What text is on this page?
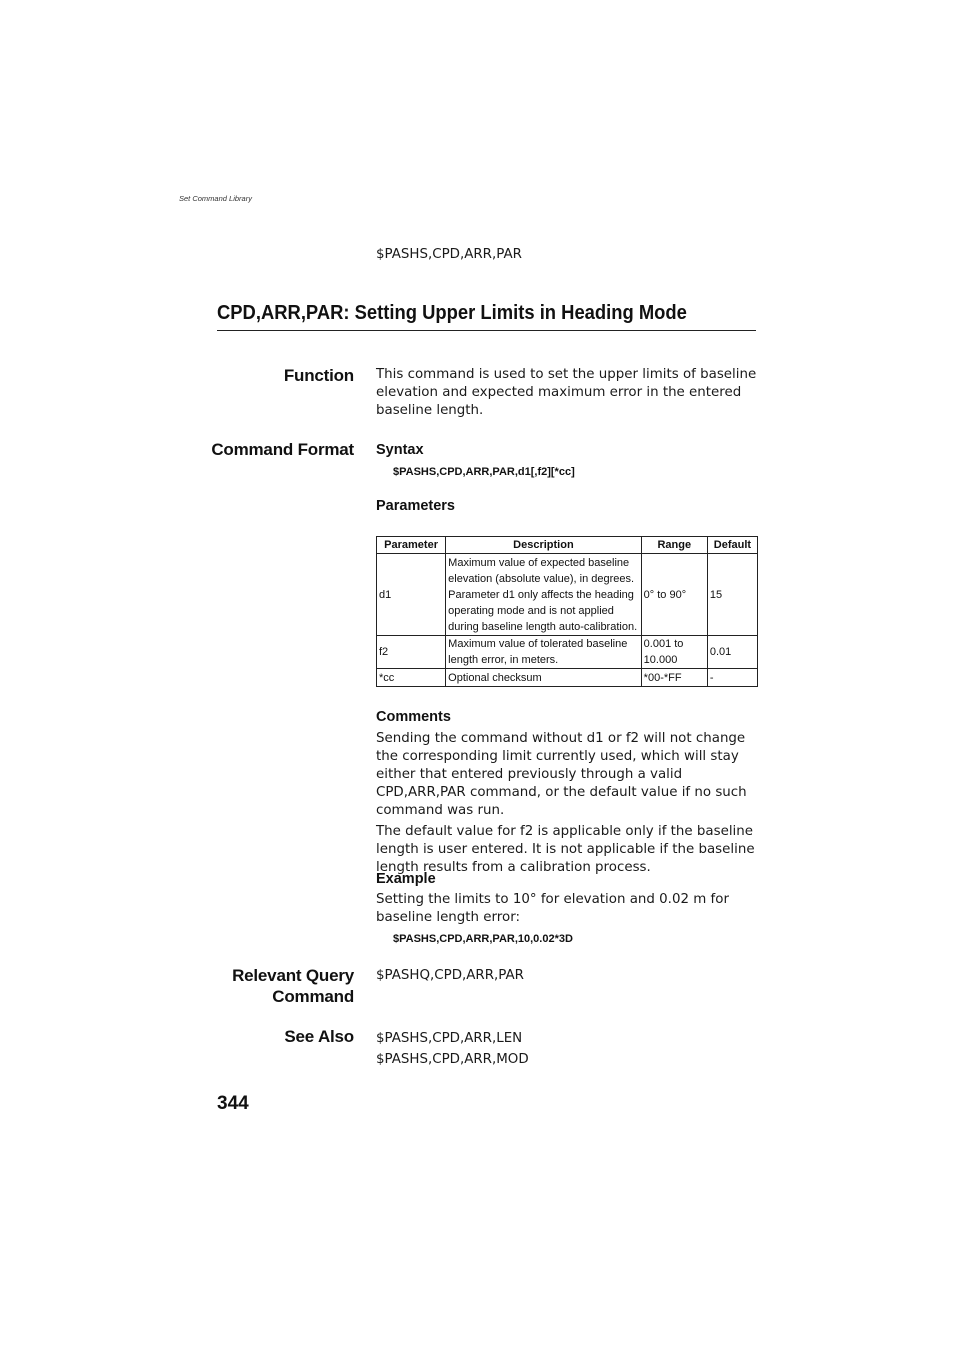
Set Command Library
$PASHS,CPD,ARR,PAR
CPD,ARR,PAR: Setting Upper Limits in Heading Mode
Function This command is used to set the upper limits of baseline elevation and expected maximum error in the entered baseline length.
Command Format Syntax
$PASHS,CPD,ARR,PAR,d1[,f2][*cc]
Parameters
Parameter	Description	Range	Default
d1	Maximum value of expected baseline elevation (absolute value), in degrees. Parameter d1 only affects the heading operating mode and is not applied during baseline length auto-calibration.	0° to 90°	15
f2	Maximum value of tolerated baseline length error, in meters.	0.001 to 10.000	0.01
*cc	Optional checksum	*00-*FF	-
Comments

Sending the command without d1 or f2 will not change the corresponding limit currently used, which will stay either that entered previously through a valid CPD,ARR,PAR command, or the default value if no such command was run.

The default value for f2 is applicable only if the baseline length is user entered. It is not applicable if the baseline length results from a calibration process.

Example
Setting the limits to 10° for elevation and 0.02 m for baseline length error:
$PASHS,CPD,ARR,PAR,10,0.02*3D
Relevant Query
Command
$PASHQ,CPD,ARR,PAR
See Also $PASHS,CPD,ARR,LEN
$PASHS,CPD,ARR,MOD
344
